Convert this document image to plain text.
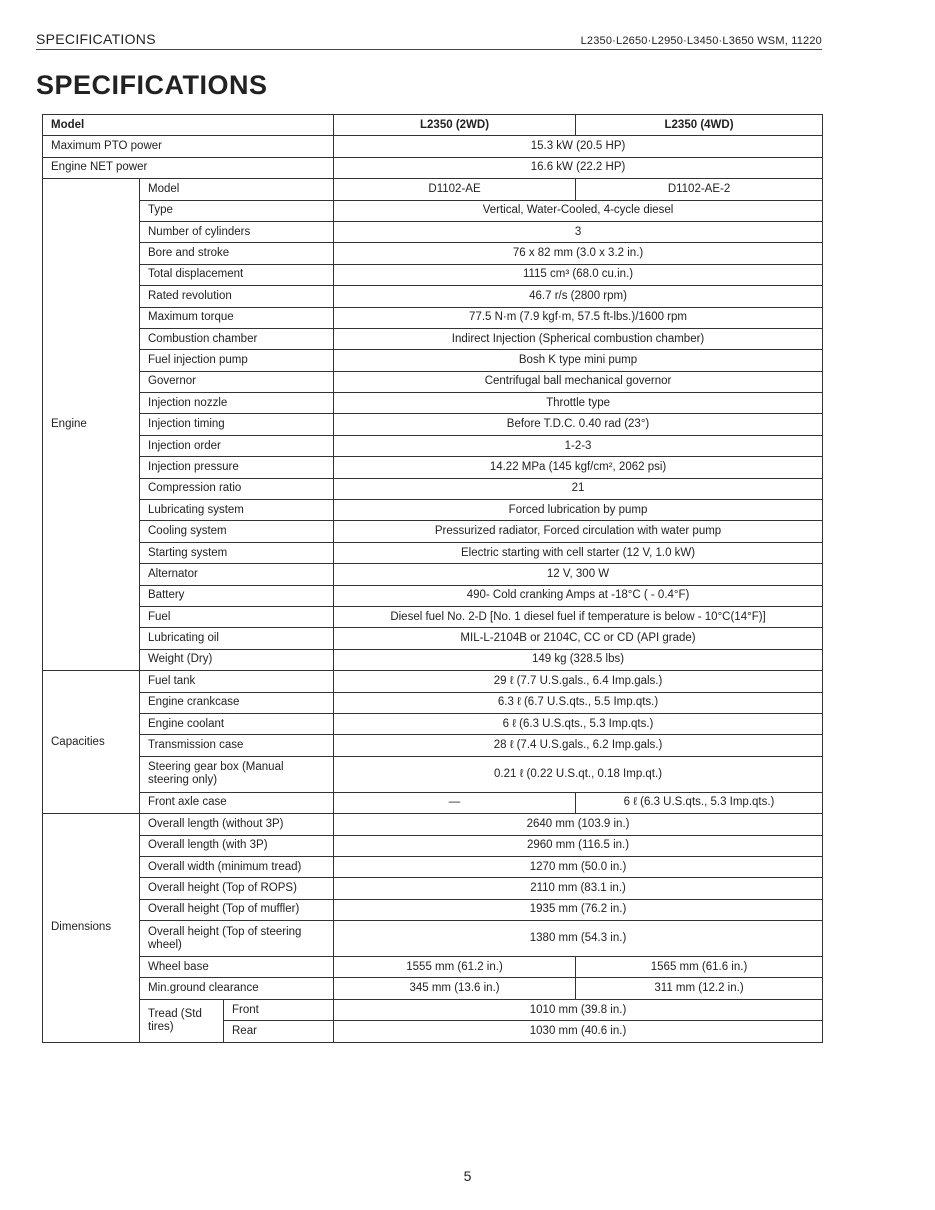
SPECIFICATIONS	L2350·L2650·L2950·L3450·L3650 WSM, 11220
SPECIFICATIONS
Model			L2350 (2WD)	L2350 (4WD)
Maximum PTO power			15.3 kW (20.5 HP)	
Engine NET power			16.6 kW (22.2 HP)	
Engine	Model		D1102-AE	D1102-AE-2
	Type		Vertical, Water-Cooled, 4-cycle diesel	
	Number of cylinders		3	
	Bore and stroke		76 x 82 mm (3.0 x 3.2 in.)	
	Total displacement		1115 cm³ (68.0 cu.in.)	
	Rated revolution		46.7 r/s (2800 rpm)	
	Maximum torque		77.5 N·m (7.9 kgf·m, 57.5 ft-lbs.)/1600 rpm	
	Combustion chamber		Indirect Injection (Spherical combustion chamber)	
	Fuel injection pump		Bosh K type mini pump	
	Governor		Centrifugal ball mechanical governor	
	Injection nozzle		Throttle type	
	Injection timing		Before T.D.C. 0.40 rad (23°)	
	Injection order		1-2-3	
	Injection pressure		14.22 MPa (145 kgf/cm², 2062 psi)	
	Compression ratio		21	
	Lubricating system		Forced lubrication by pump	
	Cooling system		Pressurized radiator, Forced circulation with water pump	
	Starting system		Electric starting with cell starter (12 V, 1.0 kW)	
	Alternator		12 V, 300 W	
	Battery		490- Cold cranking Amps at -18°C ( - 0.4°F)	
	Fuel		Diesel fuel No. 2-D [No. 1 diesel fuel if temperature is below - 10°C(14°F)]	
	Lubricating oil		MIL-L-2104B or 2104C, CC or CD (API grade)	
	Weight (Dry)		149 kg (328.5 lbs)	
Capacities	Fuel tank		29 ℓ (7.7 U.S.gals., 6.4 Imp.gals.)	
	Engine crankcase		6.3 ℓ (6.7 U.S.qts., 5.5 Imp.qts.)	
	Engine coolant		6 ℓ (6.3 U.S.qts., 5.3 Imp.qts.)	
	Transmission case		28 ℓ (7.4 U.S.gals., 6.2 Imp.gals.)	
	Steering gear box (Manual steering only)		0.21 ℓ (0.22 U.S.qt., 0.18 Imp.qt.)	
	Front axle case		—	6 ℓ (6.3 U.S.qts., 5.3 Imp.qts.)
Dimensions	Overall length (without 3P)		2640 mm (103.9 in.)	
	Overall length (with 3P)		2960 mm (116.5 in.)	
	Overall width (minimum tread)		1270 mm (50.0 in.)	
	Overall height (Top of ROPS)		2110 mm (83.1 in.)	
	Overall height (Top of muffler)		1935 mm (76.2 in.)	
	Overall height (Top of steering wheel)		1380 mm (54.3 in.)	
	Wheel base		1555 mm (61.2 in.)	1565 mm (61.6 in.)
	Min.ground clearance		345 mm (13.6 in.)	311 mm (12.2 in.)
	Tread (Std tires)	Front	1010 mm (39.8 in.)	
		Rear	1030 mm (40.6 in.)	
5
